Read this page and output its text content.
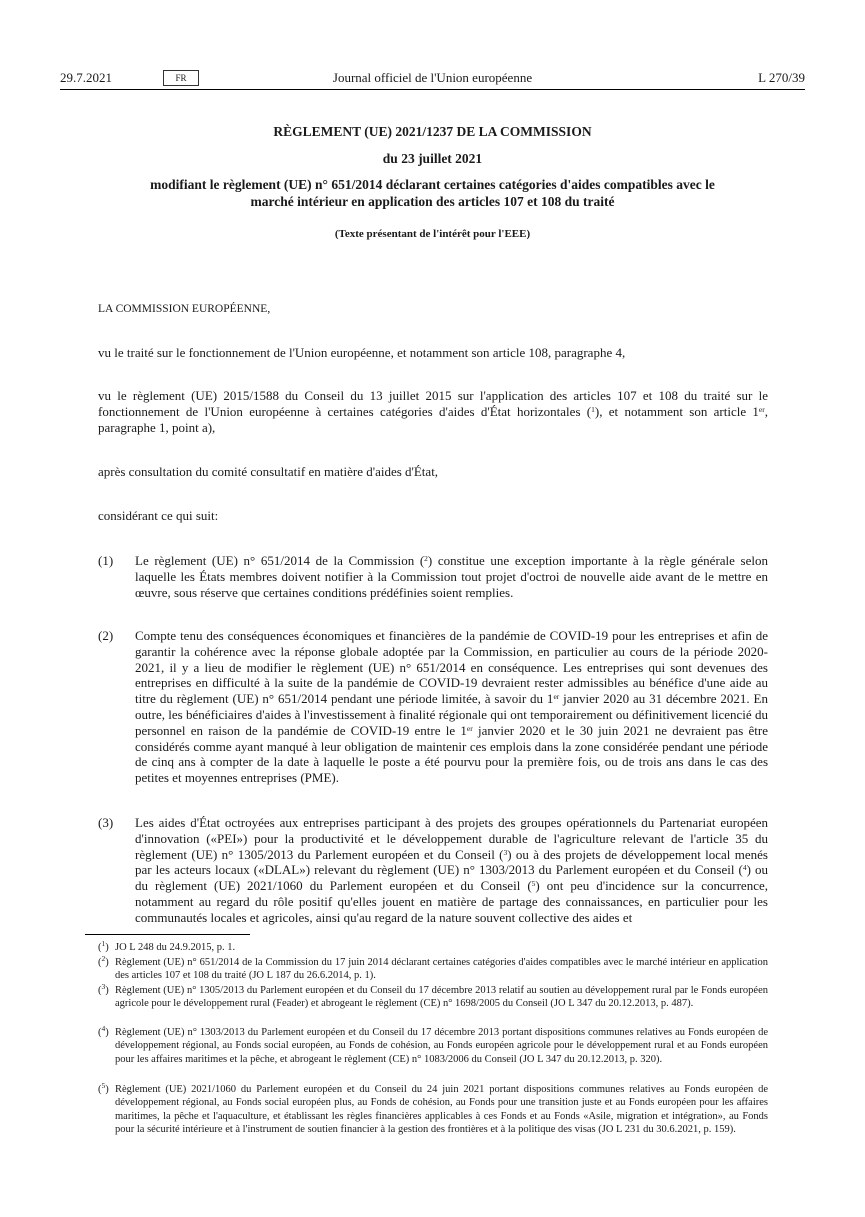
29.7.2021	FR	Journal officiel de l'Union européenne	L 270/39
RÈGLEMENT (UE) 2021/1237 DE LA COMMISSION
du 23 juillet 2021
modifiant le règlement (UE) n° 651/2014 déclarant certaines catégories d'aides compatibles avec le
marché intérieur en application des articles 107 et 108 du traité
(Texte présentant de l'intérêt pour l'EEE)
LA COMMISSION EUROPÉENNE,
vu le traité sur le fonctionnement de l'Union européenne, et notamment son article 108, paragraphe 4,
vu le règlement (UE) 2015/1588 du Conseil du 13 juillet 2015 sur l'application des articles 107 et 108 du traité sur le fonctionnement de l'Union européenne à certaines catégories d'aides d'État horizontales ($^1$), et notamment son article 1er, paragraphe 1, point a),
après consultation du comité consultatif en matière d'aides d'État,
considérant ce qui suit:
(1) Le règlement (UE) n° 651/2014 de la Commission ($^2$) constitue une exception importante à la règle générale selon laquelle les États membres doivent notifier à la Commission tout projet d'octroi de nouvelle aide avant de le mettre en œuvre, sous réserve que certaines conditions prédéfinies soient remplies.
(2) Compte tenu des conséquences économiques et financières de la pandémie de COVID-19 pour les entreprises et afin de garantir la cohérence avec la réponse globale adoptée par la Commission, en particulier au cours de la période 2020-2021, il y a lieu de modifier le règlement (UE) n° 651/2014 en conséquence. Les entreprises qui sont devenues des entreprises en difficulté à la suite de la pandémie de COVID-19 devraient rester admissibles au bénéfice d'une aide au titre du règlement (UE) n° 651/2014 pendant une période limitée, à savoir du 1er janvier 2020 au 31 décembre 2021. En outre, les bénéficiaires d'aides à l'investissement à finalité régionale qui ont temporairement ou définitivement licencié du personnel en raison de la pandémie de COVID-19 entre le 1er janvier 2020 et le 30 juin 2021 ne devraient pas être considérés comme ayant manqué à leur obligation de maintenir ces emplois dans la zone considérée pendant une période de cinq ans à compter de la date à laquelle le poste a été pourvu pour la première fois, ou de trois ans dans le cas des petites et moyennes entreprises (PME).
(3) Les aides d'État octroyées aux entreprises participant à des projets des groupes opérationnels du Partenariat européen d'innovation («PEI») pour la productivité et le développement durable de l'agriculture relevant de l'article 35 du règlement (UE) n° 1305/2013 du Parlement européen et du Conseil ($^3$) ou à des projets de développement local menés par les acteurs locaux («DLAL») relevant du règlement (UE) n° 1303/2013 du Parlement européen et du Conseil ($^4$) ou du règlement (UE) 2021/1060 du Parlement européen et du Conseil ($^5$) ont peu d'incidence sur la concurrence, notamment au regard du rôle positif qu'elles jouent en matière de partage des connaissances, en particulier pour les communautés locales et agricoles, ainsi qu'au regard de la nature souvent collective des aides et
($^1$) JO L 248 du 24.9.2015, p. 1.
($^2$) Règlement (UE) n° 651/2014 de la Commission du 17 juin 2014 déclarant certaines catégories d'aides compatibles avec le marché intérieur en application des articles 107 et 108 du traité (JO L 187 du 26.6.2014, p. 1).
($^3$) Règlement (UE) n° 1305/2013 du Parlement européen et du Conseil du 17 décembre 2013 relatif au soutien au développement rural par le Fonds européen agricole pour le développement rural (Feader) et abrogeant le règlement (CE) n° 1698/2005 du Conseil (JO L 347 du 20.12.2013, p. 487).
($^4$) Règlement (UE) n° 1303/2013 du Parlement européen et du Conseil du 17 décembre 2013 portant dispositions communes relatives au Fonds européen de développement régional, au Fonds social européen, au Fonds de cohésion, au Fonds européen agricole pour le développement rural et au Fonds européen pour les affaires maritimes et la pêche, et abrogeant le règlement (CE) n° 1083/2006 du Conseil (JO L 347 du 20.12.2013, p. 320).
($^5$) Règlement (UE) 2021/1060 du Parlement européen et du Conseil du 24 juin 2021 portant dispositions communes relatives au Fonds européen de développement régional, au Fonds social européen plus, au Fonds de cohésion, au Fonds pour une transition juste et au Fonds européen pour les affaires maritimes, la pêche et l'aquaculture, et établissant les règles financières applicables à ces Fonds et au Fonds «Asile, migration et intégration», au Fonds pour la sécurité intérieure et à l'instrument de soutien financier à la gestion des frontières et à la politique des visas (JO L 231 du 30.6.2021, p. 159).
